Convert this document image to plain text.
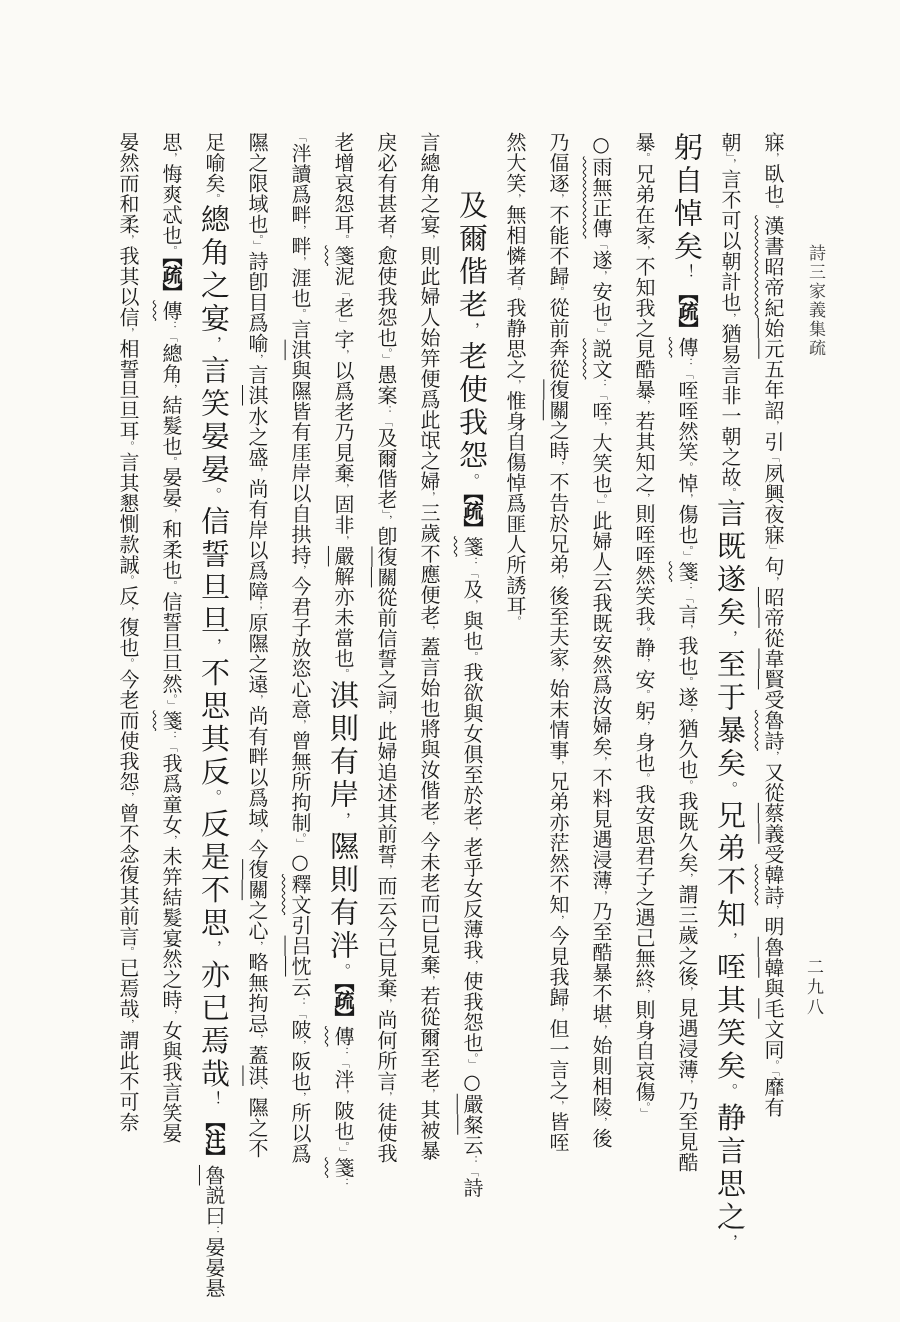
詩三家義集疏
二九八
寐，臥也。漢書昭帝紀始元五年詔，引「夙興夜寐」句，昭帝從韋賢受魯詩，又從蔡義受韓詩，明魯韓與毛文同。「靡有
朝」，言不可以朝計也，猶易言非一朝之故。言既遂矣，至于暴矣。兄弟不知，咥其笑矣。静言思之，
躬自悼矣！【疏】傳：「咥咥然笑。悼，傷也。」箋：「言，我也。遂，猶久也。我既久矣，謂三歲之後，見遇浸薄，乃至見酷
暴。兄弟在家，不知我之見酷暴，若其知之，則咥咥然笑我。静，安。躬，身也。我安思君子之遇己無終，則身自哀傷。」
○雨無正傳「遂，安也。」説文：「咥，大笑也。」此婦人云我既安然爲汝婦矣，不料見遇浸薄，乃至酷暴不堪，始則相陵，後
乃偪逐，不能不歸。從前奔從復關之時，不告於兄弟，後至夫家，始末情事，兄弟亦茫然不知，今見我歸，但一言之，皆咥
然大笑，無相憐者。我静思之，惟身自傷悼爲匪人所誘耳。
及爾偕老，老使我怨。【疏】箋：「及，與也。我欲與女俱至於老，老乎女反薄我，使我怨也。」○嚴粲云：「詩
言總角之宴，則此婦人始笄便爲此氓之婦，三歲不應便老，蓋言始也將與汝偕老，今未老而已見棄，若從爾至老，其被暴
戾必有甚者，愈使我怨也。」愚案：「及爾偕老」，卽復關從前信誓之詞，此婦追述其前誓，而云今已見棄，尚何所言，徒使我
老增哀怨耳。箋泥「老」字，以爲老乃見棄，固非，嚴解亦未當也。淇則有岸，隰則有泮。【疏】傳：「泮，陂也。」箋：
「泮讀爲畔，畔，涯也。言淇與隰皆有厓岸以自拱持，今君子放恣心意，曾無所拘制。」○釋文引吕忱云：「陂，阪也，所以爲
隰之限域也。」詩卽目爲喻，言淇水之盛，尚有岸以爲障；原隰之遠，尚有畔以爲域，今復關之心，略無拘忌，蓋淇、隰之不
足喻矣。總角之宴，言笑晏晏。信誓旦旦，不思其反。反是不思，亦已焉哉！【注】魯説曰：晏晏悬
思，悔爽忒也。【疏】傳：「總角，結髮也。晏晏，和柔也。信誓旦旦然。」箋：「我爲童女，未笄結髮宴然之時，女與我言笑晏
晏然而和柔，我其以信，相誓旦旦耳。言其懇惻款誠。反，復也。今老而使我怨，曾不念復其前言。已焉哉，謂此不可奈
